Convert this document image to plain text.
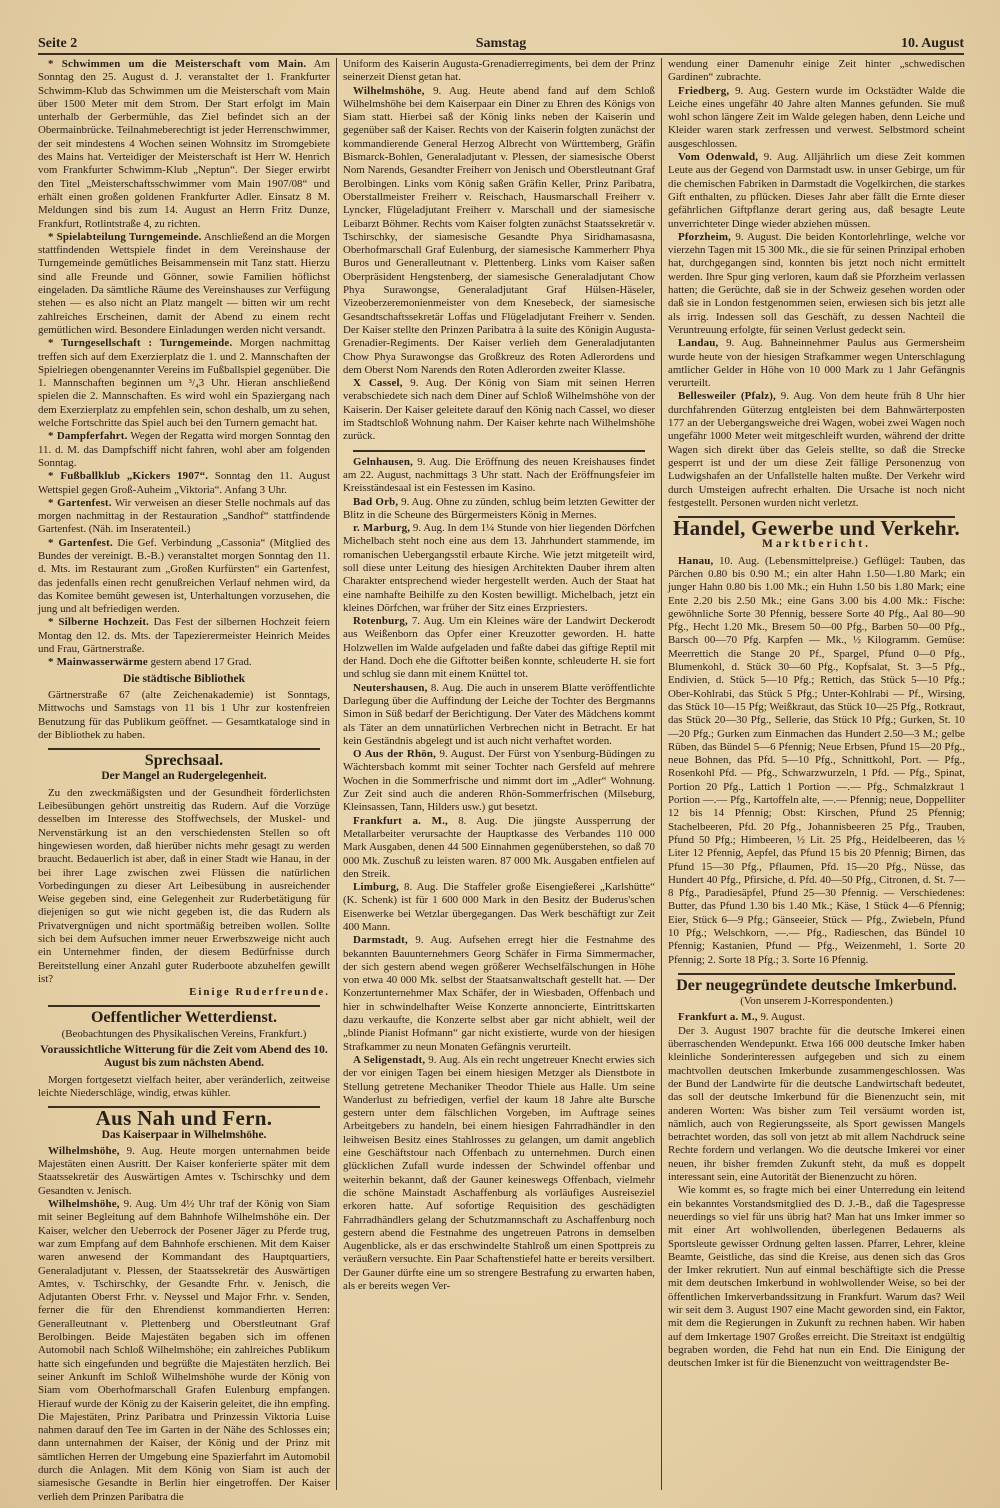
Seite 2	Samstag	10. August

* Schwimmen um die Meisterschaft vom Main. Am Sonntag den 25. August d. J. veranstaltet der 1. Frankfurter Schwimm-Klub das Schwimmen um die Meisterschaft vom Main über 1500 Meter mit dem Strom. Der Start erfolgt im Main unterhalb der Gerbermühle, das Ziel befindet sich an der Obermainbrücke. Teilnahmeberechtigt ist jeder Herrenschwimmer, der seit mindestens 4 Wochen seinen Wohnsitz im Stromgebiete des Mains hat. Verteidiger der Meisterschaft ist Herr W. Henrich vom Frankfurter Schwimm-Klub „Neptun“. Der Sieger erwirbt den Titel „Meisterschaftsschwimmer vom Main 1907/08“ und erhält einen großen goldenen Frankfurter Adler. Einsatz 8 M. Meldungen sind bis zum 14. August an Herrn Fritz Dunze, Frankfurt, Rotlintstraße 4, zu richten.

* Spielabteilung Turngemeinde. Anschließend an die Morgen stattfindenden Wettspiele findet in dem Vereinshause der Turngemeinde gemütliches Beisammensein mit Tanz statt. Hierzu sind alle Freunde und Gönner, sowie Familien höflichst eingeladen. Da sämtliche Räume des Vereinshauses zur Verfügung stehen — es also nicht an Platz mangelt — bitten wir um recht zahlreiches Erscheinen, damit der Abend zu einem recht gemütlichen wird. Besondere Einladungen werden nicht versandt.

* Turngesellschaft : Turngemeinde. Morgen nachmittag treffen sich auf dem Exerzierplatz die 1. und 2. Mannschaften der Spielriegen obengenannter Vereins im Fußballspiel gegenüber. Die 1. Mannschaften beginnen um ³/₄3 Uhr. Hieran anschließend spielen die 2. Mannschaften. Es wird wohl ein Spaziergang nach dem Exerzierplatz zu empfehlen sein, schon deshalb, um zu sehen, welche Fortschritte das Spiel auch bei den Turnern gemacht hat.

* Dampferfahrt. Wegen der Regatta wird morgen Sonntag den 11. d. M. das Dampfschiff nicht fahren, wohl aber am folgenden Sonntag.

* Fußballklub „Kickers 1907“. Sonntag den 11. August Wettspiel gegen Groß-Auheim „Viktoria“. Anfang 3 Uhr.

* Gartenfest. Wir verweisen an dieser Stelle nochmals auf das morgen nachmittag in der Restauration „Sandhof“ stattfindende Gartenfest. (Näh. im Inseratenteil.)

* Gartenfest. Die Gef. Verbindung „Cassonia“ (Mitglied des Bundes der vereinigt. B.-B.) veranstaltet morgen Sonntag den 11. d. Mts. im Restaurant zum „Großen Kurfürsten“ ein Gartenfest, das jedenfalls einen recht genußreichen Verlauf nehmen wird, da das Komitee bemüht gewesen ist, Unterhaltungen vorzusehen, die jung und alt befriedigen werden.

* Silberne Hochzeit. Das Fest der silbernen Hochzeit feiern Montag den 12. ds. Mts. der Tapezierermeister Heinrich Meides und Frau, Gärtnerstraße.

* Mainwasserwärme gestern abend 17 Grad.

Die städtische Bibliothek

Gärtnerstraße 67 (alte Zeichenakademie) ist Sonntags, Mittwochs und Samstags von 11 bis 1 Uhr zur kostenfreien Benutzung für das Publikum geöffnet. — Gesamtkataloge sind in der Bibliothek zu haben.

Sprechsaal.
Der Mangel an Rudergelegenheit.

Zu den zweckmäßigsten und der Gesundheit förderlichsten Leibesübungen gehört unstreitig das Rudern. Auf die Vorzüge desselben im Interesse des Stoffwechsels, der Muskel- und Nervenstärkung ist an den verschiedensten Stellen so oft hingewiesen worden, daß hierüber nichts mehr gesagt zu werden braucht. Bedauerlich ist aber, daß in einer Stadt wie Hanau, in der bei ihrer Lage zwischen zwei Flüssen die natürlichen Vorbedingungen zu dieser Art Leibesübung in ausreichender Weise gegeben sind, eine Gelegenheit zur Ruderbetätigung für diejenigen so gut wie nicht gegeben ist, die das Rudern als Privatvergnügen und nicht sportmäßig betreiben wollen. Sollte sich bei dem Aufsuchen immer neuer Erwerbszweige nicht auch ein Unternehmer finden, der diesem Bedürfnisse durch Bereitstellung einer Anzahl guter Ruderboote abzuhelfen gewillt ist?

Einige Ruderfreunde.

Oeffentlicher Wetterdienst.
(Beobachtungen des Physikalischen Vereins, Frankfurt.)
Voraussichtliche Witterung für die Zeit vom Abend des 10. August bis zum nächsten Abend.

Morgen fortgesetzt vielfach heiter, aber veränderlich, zeitweise leichte Niederschläge, windig, etwas kühler.

Aus Nah und Fern.
Das Kaiserpaar in Wilhelmshöhe.

Wilhelmshöhe, 9. Aug. Heute morgen unternahmen beide Majestäten einen Ausritt. Der Kaiser konferierte später mit dem Staatssekretär des Auswärtigen Amtes v. Tschirschky und dem Gesandten v. Jenisch.

Wilhelmshöhe, 9. Aug. Um 4½ Uhr traf der König von Siam mit seiner Begleitung auf dem Bahnhofe Wilhelmshöhe ein. Der Kaiser, welcher den Ueberrock der Posener Jäger zu Pferde trug, war zum Empfang auf dem Bahnhofe erschienen. Mit dem Kaiser waren anwesend der Kommandant des Hauptquartiers, Generaladjutant v. Plessen, der Staatssekretär des Auswärtigen Amtes, v. Tschirschky, der Gesandte Frhr. v. Jenisch, die Adjutanten Oberst Frhr. v. Neyssel und Major Frhr. v. Senden, ferner die für den Ehrendienst kommandierten Herren: Generalleutnant v. Plettenberg und Oberstleutnant Graf Berolbingen. Beide Majestäten begaben sich im offenen Automobil nach Schloß Wilhelmshöhe; ein zahlreiches Publikum hatte sich eingefunden und begrüßte die Majestäten herzlich. Bei seiner Ankunft im Schloß Wilhelmshöhe wurde der König von Siam vom Oberhofmarschall Grafen Eulenburg empfangen. Hierauf wurde der König zu der Kaiserin geleitet, die ihn empfing. Die Majestäten, Prinz Paribatra und Prinzessin Viktoria Luise nahmen darauf den Tee im Garten in der Nähe des Schlosses ein; dann unternahmen der Kaiser, der König und der Prinz mit sämtlichen Herren der Umgebung eine Spazierfahrt im Automobil durch die Anlagen. Mit dem König von Siam ist auch der siamesische Gesandte in Berlin hier eingetroffen. Der Kaiser verlieh dem Prinzen Paribatra die

Uniform des Kaiserin Augusta-Grenadierregiments, bei dem der Prinz seinerzeit Dienst getan hat.

Wilhelmshöhe, 9. Aug. Heute abend fand auf dem Schloß Wilhelmshöhe bei dem Kaiserpaar ein Diner zu Ehren des Königs von Siam statt. Hierbei saß der König links neben der Kaiserin und gegenüber saß der Kaiser. Rechts von der Kaiserin folgten zunächst der kommandierende General Herzog Albrecht von Württemberg, Gräfin Bismarck-Bohlen, Generaladjutant v. Plessen, der siamesische Oberst Nom Narends, Gesandter Freiherr von Jenisch und Oberstleutnant Graf Berolbingen. Links vom König saßen Gräfin Keller, Prinz Paribatra, Oberstallmeister Freiherr v. Reischach, Hausmarschall Freiherr v. Lyncker, Flügeladjutant Freiherr v. Marschall und der siamesische Leibarzt Böhmer. Rechts vom Kaiser folgten zunächst Staatssekretär v. Tschirschky, der siamesische Gesandte Phya Siridhamasasna, Oberhofmarschall Graf Eulenburg, der siamesische Kammerherr Phya Buros und Generalleutnant v. Plettenberg. Links vom Kaiser saßen Oberpräsident Hengstenberg, der siamesische Generaladjutant Chow Phya Surawongse, Generaladjutant Graf Hülsen-Häseler, Vizeoberzeremonienmeister von dem Knesebeck, der siamesische Gesandtschaftssekretär Loffas und Flügeladjutant Freiherr v. Senden. Der Kaiser stellte den Prinzen Paribatra à la suite des Königin Augusta-Grenadier-Regiments. Der Kaiser verlieh dem Generaladjutanten Chow Phya Surawongse das Großkreuz des Roten Adlerordens und dem Oberst Nom Narends den Roten Adlerorden zweiter Klasse.

X Cassel, 9. Aug. Der König von Siam mit seinen Herren verabschiedete sich nach dem Diner auf Schloß Wilhelmshöhe von der Kaiserin. Der Kaiser geleitete darauf den König nach Cassel, wo dieser im Stadtschloß Wohnung nahm. Der Kaiser kehrte nach Wilhelmshöhe zurück.

Gelnhausen, 9. Aug. Die Eröffnung des neuen Kreishauses findet am 22. August, nachmittags 3 Uhr statt. Nach der Eröffnungsfeier im Kreisständesaal ist ein Festessen im Kasino.

Bad Orb, 9. Aug. Ohne zu zünden, schlug beim letzten Gewitter der Blitz in die Scheune des Bürgermeisters König in Mernes.

r. Marburg, 9. Aug. In dem 1¼ Stunde von hier liegenden Dörfchen Michelbach steht noch eine aus dem 13. Jahrhundert stammende, im romanischen Uebergangsstil erbaute Kirche. Wie jetzt mitgeteilt wird, soll diese unter Leitung des hiesigen Architekten Dauber ihrem alten Charakter entsprechend wieder hergestellt werden. Auch der Staat hat eine namhafte Beihilfe zu den Kosten bewilligt. Michelbach, jetzt ein kleines Dörfchen, war früher der Sitz eines Erzpriesters.

Rotenburg, 7. Aug. Um ein Kleines wäre der Landwirt Deckerodt aus Weißenborn das Opfer einer Kreuzotter geworden. H. hatte Holzwellen im Walde aufgeladen und faßte dabei das giftige Reptil mit der Hand. Doch ehe die Giftotter beißen konnte, schleuderte H. sie fort und schlug sie dann mit einem Knüttel tot.

Neutershausen, 8. Aug. Die auch in unserem Blatte veröffentlichte Darlegung über die Auffindung der Leiche der Tochter des Bergmanns Simon in Süß bedarf der Berichtigung. Der Vater des Mädchens kommt als Täter an dem unnatürlichen Verbrechen nicht in Betracht. Er hat kein Geständnis abgelegt und ist auch nicht verhaftet worden.

O Aus der Rhön, 9. August. Der Fürst von Ysenburg-Büdingen zu Wächtersbach kommt mit seiner Tochter nach Gersfeld auf mehrere Wochen in die Sommerfrische und nimmt dort im „Adler“ Wohnung. Zur Zeit sind auch die anderen Rhön-Sommerfrischen (Milseburg, Kleinsassen, Tann, Hilders usw.) gut besetzt.

Frankfurt a. M., 8. Aug. Die jüngste Aussperrung der Metallarbeiter verursachte der Hauptkasse des Verbandes 110 000 Mark Ausgaben, denen 44 500 Einnahmen gegenüberstehen, so daß 70 000 Mk. Zuschuß zu leisten waren. 87 000 Mk. Ausgaben entfielen auf den Streik.

Limburg, 8. Aug. Die Staffeler große Eisengießerei „Karlshütte“ (K. Schenk) ist für 1 600 000 Mark in den Besitz der Buderus'schen Eisenwerke bei Wetzlar übergegangen. Das Werk beschäftigt zur Zeit 400 Mann.

Darmstadt, 9. Aug. Aufsehen erregt hier die Festnahme des bekannten Bauunternehmers Georg Schäfer in Firma Simmermacher, der sich gestern abend wegen größerer Wechselfälschungen in Höhe von etwa 40 000 Mk. selbst der Staatsanwaltschaft gestellt hat. — Der Konzertunternehmer Max Schäfer, der in Wiesbaden, Offenbach und hier in schwindelhafter Weise Konzerte annoncierte, Eintrittskarten dazu verkaufte, die Konzerte selbst aber gar nicht abhielt, weil der „blinde Pianist Hofmann“ gar nicht existierte, wurde von der hiesigen Strafkammer zu neun Monaten Gefängnis verurteilt.

A Seligenstadt, 9. Aug. Als ein recht ungetreuer Knecht erwies sich der vor einigen Tagen bei einem hiesigen Metzger als Dienstbote in Stellung getretene Mechaniker Theodor Thiele aus Halle. Um seine Wanderlust zu befriedigen, verfiel der kaum 18 Jahre alte Bursche gestern unter dem fälschlichen Vorgeben, im Auftrage seines Arbeitgebers zu handeln, bei einem hiesigen Fahrradhändler in den leihweisen Besitz eines Stahlrosses zu gelangen, um damit angeblich eine Geschäftstour nach Offenbach zu unternehmen. Durch einen glücklichen Zufall wurde indessen der Schwindel offenbar und weiterhin bekannt, daß der Gauner keineswegs Offenbach, vielmehr die schöne Mainstadt Aschaffenburg als vorläufiges Ausreiseziel erkoren hatte. Auf sofortige Requisition des geschädigten Fahrradhändlers gelang der Schutzmannschaft zu Aschaffenburg noch gestern abend die Festnahme des ungetreuen Patrons in demselben Augenblicke, als er das erschwindelte Stahlroß um einen Spottpreis zu veräußern versuchte. Ein Paar Schaftenstiefel hatte er bereits versilbert. Der Gauner dürfte eine um so strengere Bestrafung zu erwarten haben, als er bereits wegen Ver-

wendung einer Damenuhr einige Zeit hinter „schwedischen Gardinen“ zubrachte.

Friedberg, 9. Aug. Gestern wurde im Ockstädter Walde die Leiche eines ungefähr 40 Jahre alten Mannes gefunden. Sie muß wohl schon längere Zeit im Walde gelegen haben, denn Leiche und Kleider waren stark zerfressen und verwest. Selbstmord scheint ausgeschlossen.

Vom Odenwald, 9. Aug. Alljährlich um diese Zeit kommen Leute aus der Gegend von Darmstadt usw. in unser Gebirge, um für die chemischen Fabriken in Darmstadt die Vogelkirchen, die starkes Gift enthalten, zu pflücken. Dieses Jahr aber fällt die Ernte dieser gefährlichen Giftpflanze derart gering aus, daß besagte Leute unverrichteter Dinge wieder abziehen müssen.

Pforzheim, 9. August. Die beiden Kontorlehrlinge, welche vor vierzehn Tagen mit 15 300 Mk., die sie für seinen Prinzipal erhoben hat, durchgegangen sind, konnten bis jetzt noch nicht ermittelt werden. Ihre Spur ging verloren, kaum daß sie Pforzheim verlassen hatten; die Gerüchte, daß sie in der Schweiz gesehen worden oder daß sie in London festgenommen seien, erwiesen sich bis jetzt alle als irrig. Indessen soll das Geschäft, zu dessen Nachteil die Veruntreuung erfolgte, für seinen Verlust gedeckt sein.

Landau, 9. Aug. Bahneinnehmer Paulus aus Germersheim wurde heute von der hiesigen Strafkammer wegen Unterschlagung amtlicher Gelder in Höhe von 10 000 Mark zu 1 Jahr Gefängnis verurteilt.

Bellesweiler (Pfalz), 9. Aug. Von dem heute früh 8 Uhr hier durchfahrenden Güterzug entgleisten bei dem Bahnwärterposten 177 an der Uebergangsweiche drei Wagen, wobei zwei Wagen noch ungefähr 1000 Meter weit mitgeschleift wurden, während der dritte Wagen sich direkt über das Geleis stellte, so daß die Strecke gesperrt ist und der um diese Zeit fällige Personenzug von Ludwigshafen an der Unfallstelle halten mußte. Der Verkehr wird durch Umsteigen aufrecht erhalten. Die Ursache ist noch nicht festgestellt. Personen wurden nicht verletzt.

Handel, Gewerbe und Verkehr.
Marktbericht.

Hanau, 10. Aug. (Lebensmittelpreise.) Geflügel: Tauben, das Pärchen 0.80 bis 0.90 M.; ein alter Hahn 1.50—1.80 Mark; ein junger Hahn 0.80 bis 1.00 Mk.; ein Huhn 1.50 bis 1.80 Mark; eine Ente 2.20 bis 2.50 Mk.; eine Gans 3.00 bis 4.00 Mk.: Fische: gewöhnliche Sorte 30 Pfennig, bessere Sorte 40 Pfg., Aal 80—90 Pfg., Hecht 1.20 Mk., Bresem 50—00 Pfg., Barben 50—00 Pfg., Barsch 00—70 Pfg. Karpfen — Mk., ½ Kilogramm. Gemüse: Meerrettich die Stange 20 Pf., Spargel, Pfund 0—0 Pfg., Blumenkohl, d. Stück 30—60 Pfg., Kopfsalat, St. 3—5 Pfg., Endivien, d. Stück 5—10 Pfg.; Rettich, das Stück 5—10 Pfg.; Ober-Kohlrabi, das Stück 5 Pfg.; Unter-Kohlrabi — Pf., Wirsing, das Stück 10—15 Pfg; Weißkraut, das Stück 10—25 Pfg., Rotkraut, das Stück 20—30 Pfg., Sellerie, das Stück 10 Pfg.; Gurken, St. 10—20 Pfg.; Gurken zum Einmachen das Hundert 2.50—3 M.; gelbe Rüben, das Bündel 5—6 Pfennig; Neue Erbsen, Pfund 15—20 Pfg., neue Bohnen, das Pfd. 5—10 Pfg., Schnittkohl, Port. — Pfg., Rosenkohl Pfd. — Pfg., Schwarzwurzeln, 1 Pfd. — Pfg., Spinat, Portion 20 Pfg., Lattich 1 Portion —.— Pfg., Schmalzkraut 1 Portion —.— Pfg., Kartoffeln alte, —.— Pfennig; neue, Doppelliter 12 bis 14 Pfennig; Obst: Kirschen, Pfund 25 Pfennig; Stachelbeeren, Pfd. 20 Pfg., Johannisbeeren 25 Pfg., Trauben, Pfund 50 Pfg.; Himbeeren, ½ Lit. 25 Pfg., Heidelbeeren, das ½ Liter 12 Pfennig, Aepfel, das Pfund 15 bis 20 Pfennig; Birnen, das Pfund 15—30 Pfg., Pflaumen, Pfd. 15—20 Pfg., Nüsse, das Hundert 40 Pfg., Pfirsiche, d. Pfd. 40—50 Pfg., Citronen, d. St. 7—8 Pfg., Paradiesäpfel, Pfund 25—30 Pfennig. — Verschiedenes: Butter, das Pfund 1.30 bis 1.40 Mk.; Käse, 1 Stück 4—6 Pfennig; Eier, Stück 6—9 Pfg.; Gänseeier, Stück — Pfg., Zwiebeln, Pfund 10 Pfg.; Welschkorn, —.— Pfg., Radieschen, das Bündel 10 Pfennig; Kastanien, Pfund — Pfg., Weizenmehl, 1. Sorte 20 Pfennig; 2. Sorte 18 Pfg.; 3. Sorte 16 Pfennig.

Der neugegründete deutsche Imkerbund.
(Von unserem J-Korrespondenten.)

Frankfurt a. M., 9. August.

Der 3. August 1907 brachte für die deutsche Imkerei einen überraschenden Wendepunkt. Etwa 166 000 deutsche Imker haben kleinliche Sonderinteressen aufgegeben und sich zu einem machtvollen deutschen Imkerbunde zusammengeschlossen. Was der Bund der Landwirte für die deutsche Landwirtschaft bedeutet, das soll der deutsche Imkerbund für die Bienenzucht sein, mit anderen Worten: Was bisher zum Teil versäumt worden ist, nämlich, auch von Regierungsseite, als Sport gewissen Mangels betrachtet worden, das soll von jetzt ab mit allem Nachdruck seine Rechte fordern und verlangen. Wo die deutsche Imkerei vor einer neuen, ihr bisher fremden Zukunft steht, da muß es doppelt interessant sein, eine Autorität der Bienenzucht zu hören.

Wie kommt es, so fragte mich bei einer Unterredung ein leitend ein bekanntes Vorstandsmitglied des D. J.-B., daß die Tagespresse neuerdings so viel für uns übrig hat? Man hat uns Imker immer so mit einer Art wohlwollenden, überlegenen Bedauerns als Sportsleute gewisser Ordnung gelten lassen. Pfarrer, Lehrer, kleine Beamte, Geistliche, das sind die Kreise, aus denen sich das Gros der Imker rekrutiert. Nun auf einmal beschäftigte sich die Presse mit dem deutschen Imkerbund in wohlwollender Weise, so bei der öffentlichen Imkerverbandssitzung in Frankfurt. Warum das? Weil wir seit dem 3. August 1907 eine Macht geworden sind, ein Faktor, mit dem die Regierungen in Zukunft zu rechnen haben. Wir haben auf dem Imkertage 1907 Großes erreicht. Die Streitaxt ist endgültig begraben worden, die Fehd hat nun ein End. Die Einigung der deutschen Imker ist für die Bienenzucht von weittragendster Be-
